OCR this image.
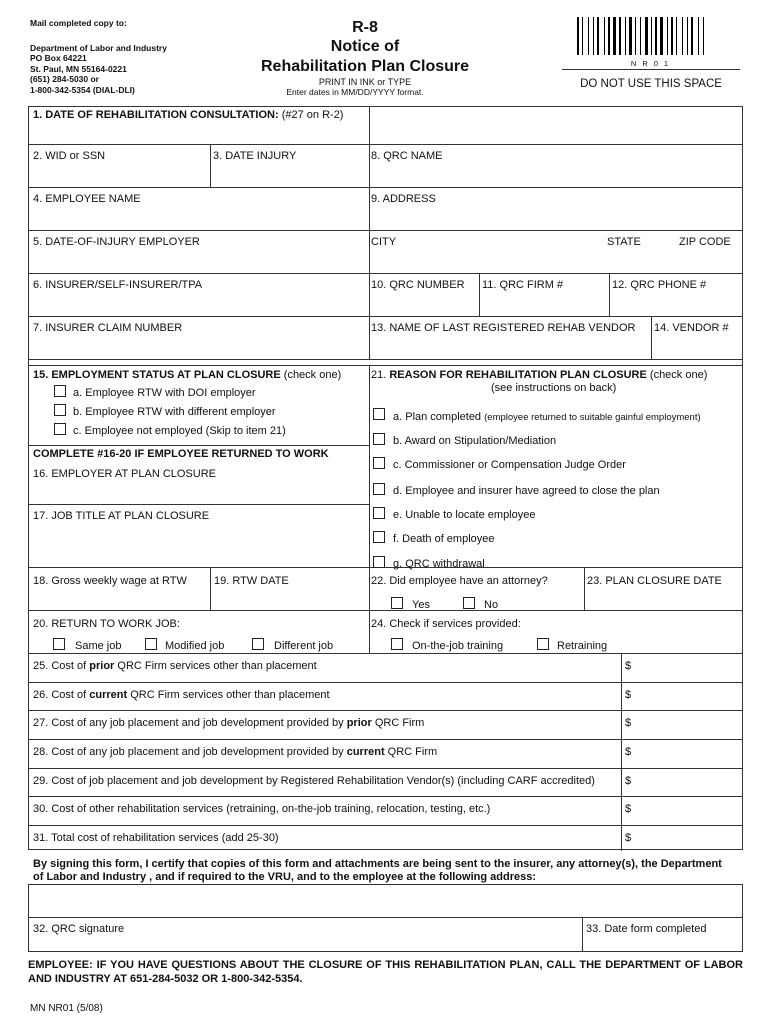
Mail completed copy to:
Department of Labor and Industry
PO Box 64221
St. Paul, MN 55164-0221
(651) 284-5030 or
1-800-342-5354 (DIAL-DLI)
R-8
Notice of
Rehabilitation Plan Closure
PRINT IN INK or TYPE
Enter dates in MM/DD/YYYY format.
NR01
DO NOT USE THIS SPACE
1. DATE OF REHABILITATION CONSULTATION: (#27 on R-2)
2. WID or SSN	3. DATE INJURY	8. QRC NAME
4. EMPLOYEE NAME	9. ADDRESS
5. DATE-OF-INJURY EMPLOYER	CITY	STATE	ZIP CODE
6. INSURER/SELF-INSURER/TPA	10. QRC NUMBER 11. QRC FIRM #	12. QRC PHONE #
7. INSURER CLAIM NUMBER	13. NAME OF LAST REGISTERED REHAB VENDOR 14. VENDOR #
15. EMPLOYMENT STATUS AT PLAN CLOSURE (check one)
a. Employee RTW with DOI employer
b. Employee RTW with different employer
c. Employee not employed (Skip to item 21)
COMPLETE #16-20 IF EMPLOYEE RETURNED TO WORK
16. EMPLOYER AT PLAN CLOSURE
17. JOB TITLE AT PLAN CLOSURE
18. Gross weekly wage at RTW 19. RTW DATE
20. RETURN TO WORK JOB:
Same job	Modified job	Different job
21. REASON FOR REHABILITATION PLAN CLOSURE (check one)
(see instructions on back)
a. Plan completed (employee returned to suitable gainful employment)
b. Award on Stipulation/Mediation
c. Commissioner or Compensation Judge Order
d. Employee and insurer have agreed to close the plan
e. Unable to locate employee
f. Death of employee
g. QRC withdrawal
22. Did employee have an attorney?	23. PLAN CLOSURE DATE
Yes	No
24. Check if services provided:
On-the-job training	Retraining
25. Cost of prior QRC Firm services other than placement	$
26. Cost of current QRC Firm services other than placement	$
27. Cost of any job placement and job development provided by prior QRC Firm	$
28. Cost of any job placement and job development provided by current QRC Firm	$
29. Cost of job placement and job development by Registered Rehabilitation Vendor(s) (including CARF accredited)	$
30. Cost of other rehabilitation services (retraining, on-the-job training, relocation, testing, etc.)	$
31. Total cost of rehabilitation services (add 25-30)	$
By signing this form, I certify that copies of this form and attachments are being sent to the insurer, any attorney(s), the Department of Labor and Industry , and if required to the VRU, and to the employee at the following address:
32. QRC signature	33. Date form completed
EMPLOYEE: IF YOU HAVE QUESTIONS ABOUT THE CLOSURE OF THIS REHABILITATION PLAN, CALL THE DEPARTMENT OF LABOR AND INDUSTRY AT 651-284-5032 OR 1-800-342-5354.
MN NR01 (5/08)
